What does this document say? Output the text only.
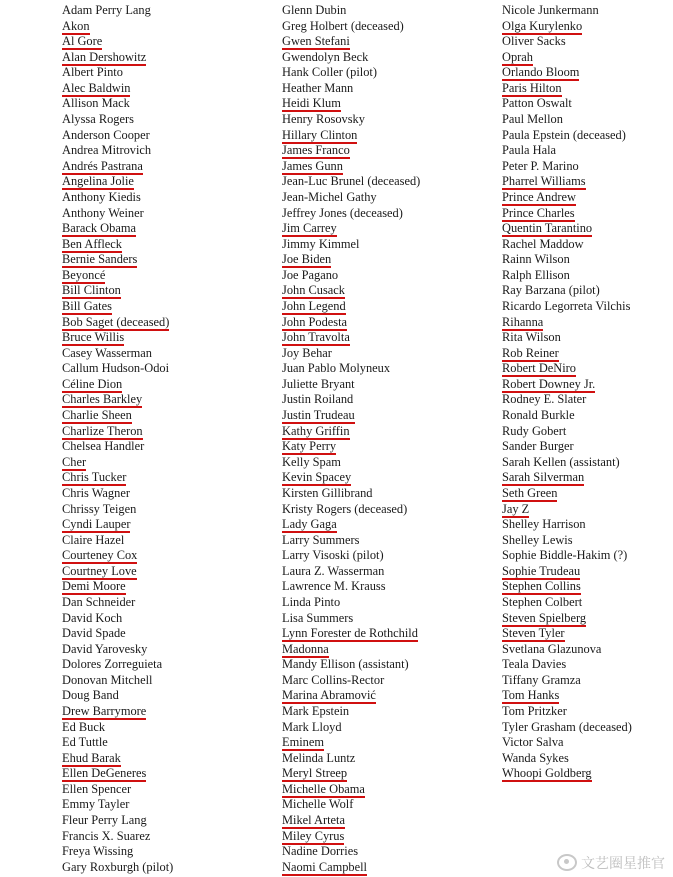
Adam Perry Lang
Akon
Al Gore
Alan Dershowitz
Albert Pinto
Alec Baldwin
Allison Mack
Alyssa Rogers
Anderson Cooper
Andrea Mitrovich
Andrés Pastrana
Angelina Jolie
Anthony Kiedis
Anthony Weiner
Barack Obama
Ben Affleck
Bernie Sanders
Beyoncé
Bill Clinton
Bill Gates
Bob Saget (deceased)
Bruce Willis
Casey Wasserman
Callum Hudson-Odoi
Céline Dion
Charles Barkley
Charlie Sheen
Charlize Theron
Chelsea Handler
Cher
Chris Tucker
Chris Wagner
Chrissy Teigen
Cyndi Lauper
Claire Hazel
Courteney Cox
Courtney Love
Demi Moore
Dan Schneider
David Koch
David Spade
David Yarovesky
Dolores Zorreguieta
Donovan Mitchell
Doug Band
Drew Barrymore
Ed Buck
Ed Tuttle
Ehud Barak
Ellen DeGeneres
Ellen Spencer
Emmy Tayler
Fleur Perry Lang
Francis X. Suarez
Freya Wissing
Gary Roxburgh (pilot)
Glenn Dubin
Greg Holbert (deceased)
Gwen Stefani
Gwendolyn Beck
Hank Coller (pilot)
Heather Mann
Heidi Klum
Henry Rosovsky
Hillary Clinton
James Franco
James Gunn
Jean-Luc Brunel (deceased)
Jean-Michel Gathy
Jeffrey Jones (deceased)
Jim Carrey
Jimmy Kimmel
Joe Biden
Joe Pagano
John Cusack
John Legend
John Podesta
John Travolta
Joy Behar
Juan Pablo Molyneux
Juliette Bryant
Justin Roiland
Justin Trudeau
Kathy Griffin
Katy Perry
Kelly Spam
Kevin Spacey
Kirsten Gillibrand
Kristy Rogers (deceased)
Lady Gaga
Larry Summers
Larry Visoski (pilot)
Laura Z. Wasserman
Lawrence M. Krauss
Linda Pinto
Lisa Summers
Lynn Forester de Rothchild
Madonna
Mandy Ellison (assistant)
Marc Collins-Rector
Marina Abramović
Mark Epstein
Mark Lloyd
Eminem
Melinda Luntz
Meryl Streep
Michelle Obama
Michelle Wolf
Mikel Arteta
Miley Cyrus
Nadine Dorries
Naomi Campbell
Nicole Junkermann
Olga Kurylenko
Oliver Sacks
Oprah
Orlando Bloom
Paris Hilton
Patton Oswalt
Paul Mellon
Paula Epstein (deceased)
Paula Hala
Peter P. Marino
Pharrel Williams
Prince Andrew
Prince Charles
Quentin Tarantino
Rachel Maddow
Rainn Wilson
Ralph Ellison
Ray Barzana (pilot)
Ricardo Legorreta Vilchis
Rihanna
Rita Wilson
Rob Reiner
Robert DeNiro
Robert Downey Jr.
Rodney E. Slater
Ronald Burkle
Rudy Gobert
Sander Burger
Sarah Kellen (assistant)
Sarah Silverman
Seth Green
Jay Z
Shelley Harrison
Shelley Lewis
Sophie Biddle-Hakim (?)
Sophie Trudeau
Stephen Collins
Stephen Colbert
Steven Spielberg
Steven Tyler
Svetlana Glazunova
Teala Davies
Tiffany Gramza
Tom Hanks
Tom Pritzker
Tyler Grasham (deceased)
Victor Salva
Wanda Sykes
Whoopi Goldberg
文艺圈星推官
